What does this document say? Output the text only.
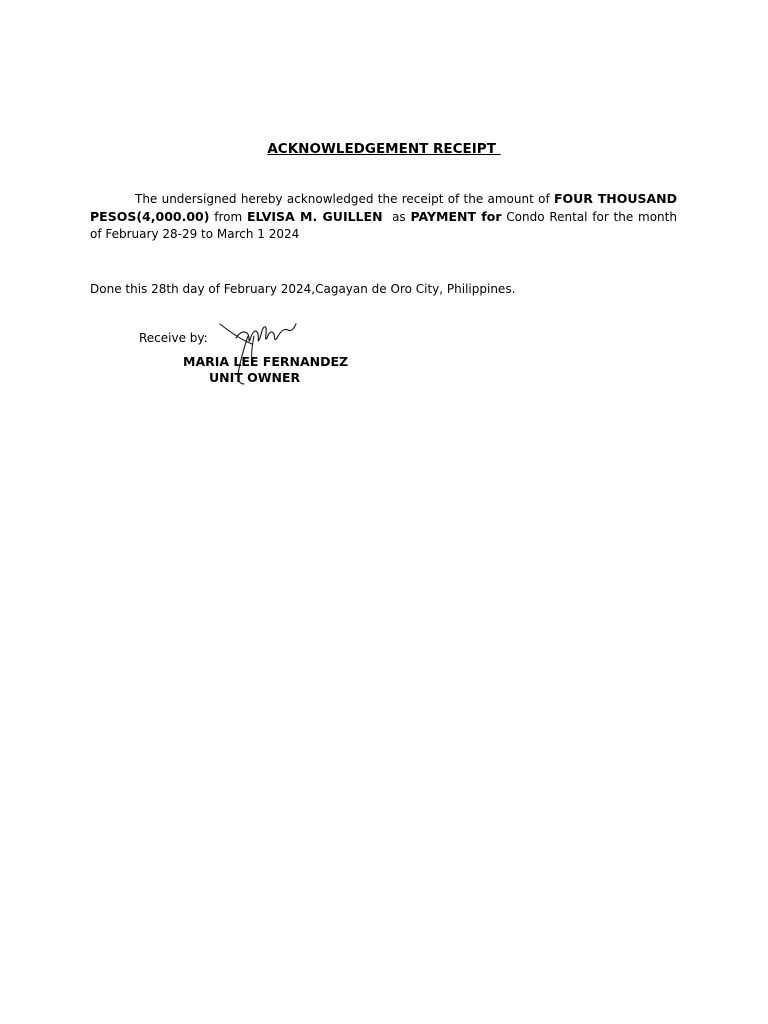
ACKNOWLEDGEMENT RECEIPT
The undersigned hereby acknowledged the receipt of the amount of FOUR THOUSAND PESOS(4,000.00) from ELVISA M. GUILLEN  as PAYMENT for Condo Rental for the month of February 28-29 to March 1 2024
Done this 28th day of February 2024,Cagayan de Oro City, Philippines.
Receive by:
MARIA LEE FERNANDEZ
UNIT OWNER
